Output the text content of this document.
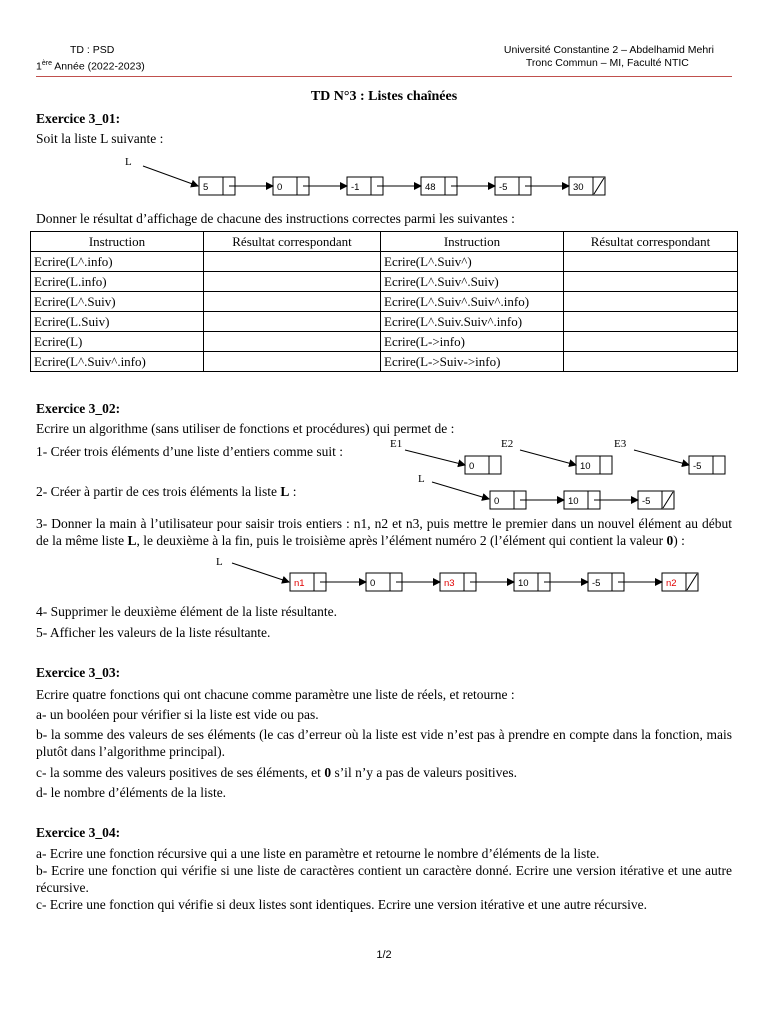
TD : PSD
1ère Année (2022-2023)
Université Constantine 2 – Abdelhamid Mehri
Tronc Commun – MI, Faculté NTIC
TD N°3 : Listes chaînées
Exercice 3_01:
Soit la liste L suivante :
Donner le résultat d’affichage de chacune des instructions correctes parmi les suivantes :
Instruction	Résultat correspondant	Instruction	Résultat correspondant
Ecrire(L^.info)		Ecrire(L^.Suiv^)	
Ecrire(L.info)		Ecrire(L^.Suiv^.Suiv)	
Ecrire(L^.Suiv)		Ecrire(L^.Suiv^.Suiv^.info)	
Ecrire(L.Suiv)		Ecrire(L^.Suiv.Suiv^.info)	
Ecrire(L)		Ecrire(L->info)	
Ecrire(L^.Suiv^.info)		Ecrire(L->Suiv->info)	
Exercice 3_02:
Ecrire un algorithme (sans utiliser de fonctions et procédures) qui permet de :
1- Créer trois éléments d’une liste d’entiers comme suit :
2- Créer à partir de ces trois éléments la liste L :
3- Donner la main à l’utilisateur pour saisir trois entiers : n1, n2 et n3, puis mettre le premier dans un nouvel élément au début de la même liste L, le deuxième à la fin, puis le troisième après l’élément numéro 2 (l’élément qui contient la valeur 0) :
4- Supprimer le deuxième élément de la liste résultante.
5- Afficher les valeurs de la liste résultante.
Exercice 3_03:
Ecrire quatre fonctions qui ont chacune comme paramètre une liste de réels, et retourne :
a- un booléen pour vérifier si la liste est vide ou pas.
b- la somme des valeurs de ses éléments (le cas d’erreur où la liste est vide n’est pas à prendre en compte dans la fonction, mais plutôt dans l’algorithme principal).
c- la somme des valeurs positives de ses éléments, et 0 s’il n’y a pas de valeurs positives.
d- le nombre d’éléments de la liste.
Exercice 3_04:
a- Ecrire une fonction récursive qui a une liste en paramètre et retourne le nombre d’éléments de la liste.
b- Ecrire une fonction qui vérifie si une liste de caractères contient un caractère donné. Ecrire une version itérative et une autre récursive.
c- Ecrire une fonction qui vérifie si deux listes sont identiques. Ecrire une version itérative et une autre récursive.
1/2
L
5	0	-1	48	-5	30
E1
0
E2
10
E3
-5
L
0	10	-5
L
n1	0	n3	10	-5	n2
